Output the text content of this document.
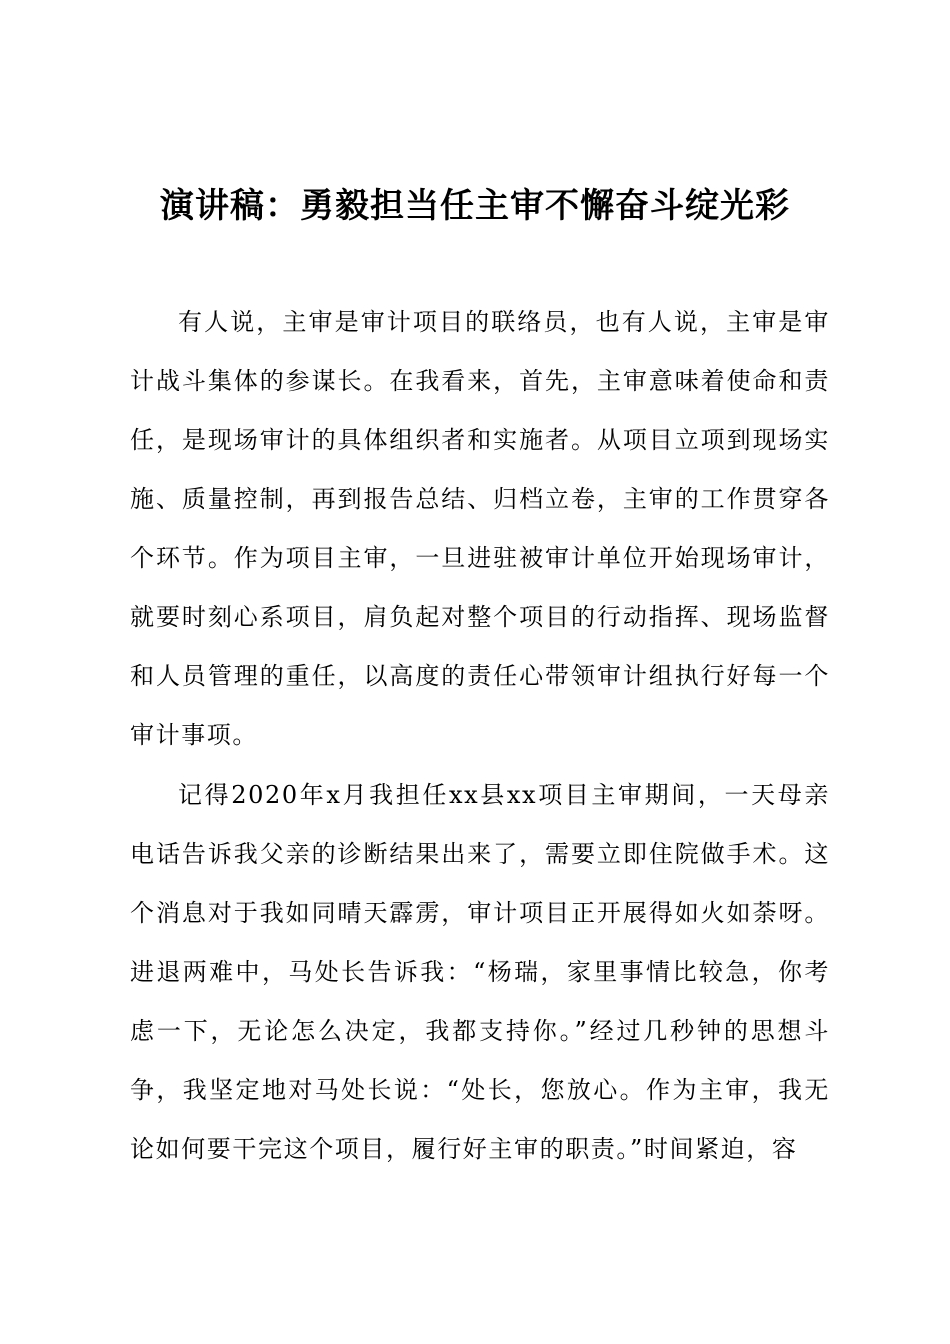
演讲稿：勇毅担当任主审不懈奋斗绽光彩

有人说，主审是审计项目的联络员，也有人说，主审是审计战斗集体的参谋长。在我看来，首先，主审意味着使命和责任，是现场审计的具体组织者和实施者。从项目立项到现场实施、质量控制，再到报告总结、归档立卷，主审的工作贯穿各个环节。作为项目主审，一旦进驻被审计单位开始现场审计，就要时刻心系项目，肩负起对整个项目的行动指挥、现场监督和人员管理的重任，以高度的责任心带领审计组执行好每一个审计事项。

记得2020年x月我担任xx县xx项目主审期间，一天母亲电话告诉我父亲的诊断结果出来了，需要立即住院做手术。这个消息对于我如同晴天霹雳，审计项目正开展得如火如荼呀。进退两难中，马处长告诉我：“杨瑞，家里事情比较急，你考虑一下，无论怎么决定，我都支持你。”经过几秒钟的思想斗争，我坚定地对马处长说：“处长，您放心。作为主审，我无论如何要干完这个项目，履行好主审的职责。”时间紧迫，容
